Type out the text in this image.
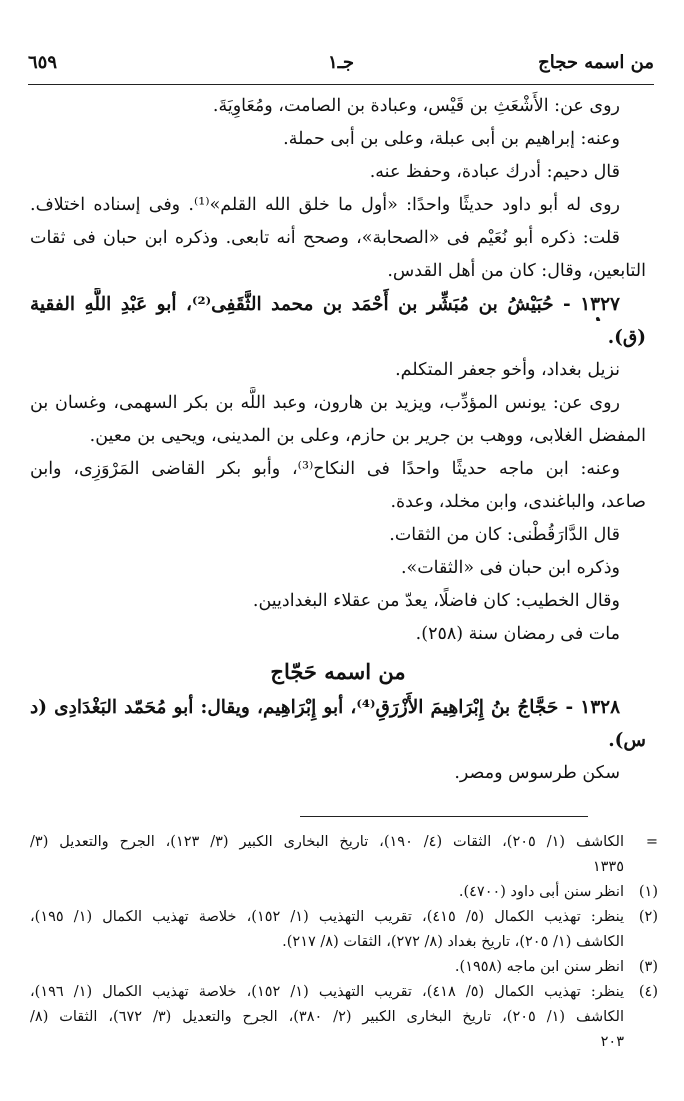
من اسمه حجاج
جـ١
٦٥٩
روى عن: الأَشْعَثِ بن قَيْس، وعبادة بن الصامت، ومُعَاوِيَةَ.
وعنه: إبراهيم بن أبى عبلة، وعلى بن أبى حملة.
قال دحيم: أدرك عبادة، وحفظ عنه.
روى له أبو داود حديثًا واحدًا: «أول ما خلق الله القلم»⁽¹⁾. وفى إسناده اختلاف.
قلت: ذكره أبو نُعَيْم فى «الصحابة»، وصحح أنه تابعى. وذكره ابن حبان فى ثقات
التابعين، وقال: كان من أهل القدس.
١٣٢٧ - حُبَيْشُ بن مُبَشِّر بن أَحْمَد بن محمد الثَّقَفِى⁽²⁾، أبو عَبْدِ اللَّهِ الفقية
(ق).
نزيل بغداد، وأخو جعفر المتكلم.
روى عن: يونس المؤدِّب، ويزيد بن هارون، وعبد اللَّه بن بكر السهمى، وغسان بن
المفضل الغلابى، ووهب بن جرير بن حازم، وعلى بن المدينى، ويحيى بن معين.
وعنه: ابن ماجه حديثًا واحدًا فى النكاح⁽³⁾، وأبو بكر القاضى المَرْوَزِى، وابن
صاعد، والباغندى، وابن مخلد، وعدة.
قال الدَّارَقُطْنى: كان من الثقات.
وذكره ابن حبان فى «الثقات».
وقال الخطيب: كان فاضلًا، يعدّ من عقلاء البغداديين.
مات فى رمضان سنة (٢٥٨).
من اسمه حَجّاج
١٣٢٨ - حَجَّاجُ بنُ إِبْرَاهِيمَ الأَزْرَقِ⁽⁴⁾، أبو إِبْرَاهِيم، ويقال: أبو مُحَمّد البَغْدَادِى (د
س).
سكن طرسوس ومصر.
=
الكاشف (١/ ٢٠٥)، الثقات (٤/ ١٩٠)، تاريخ البخارى الكبير (٣/ ١٢٣)، الجرح والتعديل (٣/
١٣٣٥
(١)
انظر سنن أبى داود (٤٧٠٠).
(٢)
ينظر: تهذيب الكمال (٥/ ٤١٥)، تقريب التهذيب (١/ ١٥٢)، خلاصة تهذيب الكمال (١/ ١٩٥)،
الكاشف (١/ ٢٠٥)، تاريخ بغداد (٨/ ٢٧٢)، الثقات (٨/ ٢١٧).
(٣)
انظر سنن ابن ماجه (١٩٥٨).
(٤)
ينظر: تهذيب الكمال (٥/ ٤١٨)، تقريب التهذيب (١/ ١٥٢)، خلاصة تهذيب الكمال (١/ ١٩٦)،
الكاشف (١/ ٢٠٥)، تاريخ البخارى الكبير (٢/ ٣٨٠)، الجرح والتعديل (٣/ ٦٧٢)، الثقات (٨/
٢٠٣
